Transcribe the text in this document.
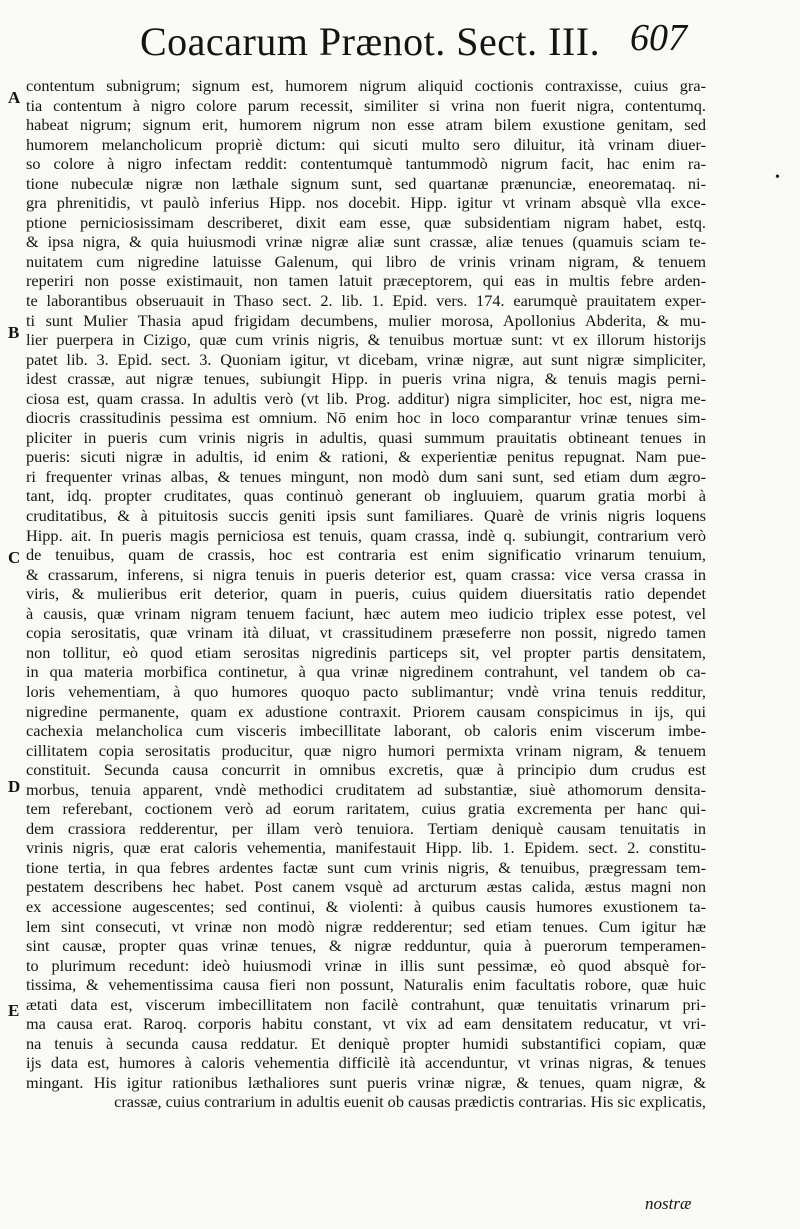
Coacarum Prænot. Sect. III. 607
A
B
C
D
E
contentum subnigrum; signum est, humorem nigrum aliquid coctionis contraxisse, cuius gra-
tia contentum à nigro colore parum recessit, similiter si vrina non fuerit nigra, contentumq.
habeat nigrum; signum erit, humorem nigrum non esse atram bilem exustione genitam, sed
humorem melancholicum propriè dictum: qui sicuti multo sero diluitur, ità vrinam diuer-
so colore à nigro infectam reddit: contentumquè tantummodò nigrum facit, hac enim ra-
tione nubeculæ nigræ non læthale signum sunt, sed quartanæ prænunciæ, eneoremataq. ni-
gra phrenitidis, vt paulò inferius Hipp. nos docebit. Hipp. igitur vt vrinam absquè vlla exce-
ptione perniciosissimam describeret, dixit eam esse, quæ subsidentiam nigram habet, estq.
& ipsa nigra, & quia huiusmodi vrinæ nigræ aliæ sunt crassæ, aliæ tenues (quamuis sciam te-
nuitatem cum nigredine latuisse Galenum, qui libro de vrinis vrinam nigram, & tenuem
reperiri non posse existimauit, non tamen latuit præceptorem, qui eas in multis febre arden-
te laborantibus obseruauit in Thaso sect. 2. lib. 1. Epid. vers. 174. earumquè prauitatem exper-
ti sunt Mulier Thasia apud frigidam decumbens, mulier morosa, Apollonius Abderita, & mu-
lier puerpera in Cizigo, quæ cum vrinis nigris, & tenuibus mortuæ sunt: vt ex illorum historijs
patet lib. 3. Epid. sect. 3. Quoniam igitur, vt dicebam, vrinæ nigræ, aut sunt nigræ simpliciter,
idest crassæ, aut nigræ tenues, subiungit Hipp. in pueris vrina nigra, & tenuis magis perni-
ciosa est, quam crassa. In adultis verò (vt lib. Prog. additur) nigra simpliciter, hoc est, nigra me-
diocris crassitudinis pessima est omnium. Nō enim hoc in loco comparantur vrinæ tenues sim-
pliciter in pueris cum vrinis nigris in adultis, quasi summum prauitatis obtineant tenues in
pueris: sicuti nigræ in adultis, id enim & rationi, & experientiæ penitus repugnat. Nam pue-
ri frequenter vrinas albas, & tenues mingunt, non modò dum sani sunt, sed etiam dum ægro-
tant, idq. propter cruditates, quas continuò generant ob ingluuiem, quarum gratia morbi à
cruditatibus, & à pituitosis succis geniti ipsis sunt familiares. Quarè de vrinis nigris loquens
Hipp. ait. In pueris magis perniciosa est tenuis, quam crassa, indè q. subiungit, contrarium verò
de tenuibus, quam de crassis, hoc est contraria est enim significatio vrinarum tenuium,
& crassarum, inferens, si nigra tenuis in pueris deterior est, quam crassa: vice versa crassa in
viris, & mulieribus erit deterior, quam in pueris, cuius quidem diuersitatis ratio dependet
à causis, quæ vrinam nigram tenuem faciunt, hæc autem meo iudicio triplex esse potest, vel
copia serositatis, quæ vrinam ità diluat, vt crassitudinem præseferre non possit, nigredo tamen
non tollitur, eò quod etiam serositas nigredinis particeps sit, vel propter partis densitatem,
in qua materia morbifica continetur, à qua vrinæ nigredinem contrahunt, vel tandem ob ca-
loris vehementiam, à quo humores quoquo pacto sublimantur; vndè vrina tenuis redditur,
nigredine permanente, quam ex adustione contraxit. Priorem causam conspicimus in ijs, qui
cachexia melancholica cum visceris imbecillitate laborant, ob caloris enim viscerum imbe-
cillitatem copia serositatis producitur, quæ nigro humori permixta vrinam nigram, & tenuem
constituit. Secunda causa concurrit in omnibus excretis, quæ à principio dum crudus est
morbus, tenuia apparent, vndè methodici cruditatem ad substantiæ, siuè athomorum densita-
tem referebant, coctionem verò ad eorum raritatem, cuius gratia excrementa per hanc qui-
dem crassiora redderentur, per illam verò tenuiora. Tertiam deniquè causam tenuitatis in
vrinis nigris, quæ erat caloris vehementia, manifestauit Hipp. lib. 1. Epidem. sect. 2. constitu-
tione tertia, in qua febres ardentes factæ sunt cum vrinis nigris, & tenuibus, prægressam tem-
pestatem describens hec habet. Post canem vsquè ad arcturum æstas calida, æstus magni non
ex accessione augescentes; sed continui, & violenti: à quibus causis humores exustionem ta-
lem sint consecuti, vt vrinæ non modò nigræ redderentur; sed etiam tenues. Cum igitur hæ
sint causæ, propter quas vrinæ tenues, & nigræ redduntur, quia à puerorum temperamen-
to plurimum recedunt: ideò huiusmodi vrinæ in illis sunt pessimæ, eò quod absquè for-
tissima, & vehementissima causa fieri non possunt, Naturalis enim facultatis robore, quæ huic
ætati data est, viscerum imbecillitatem non facilè contrahunt, quæ tenuitatis vrinarum pri-
ma causa erat. Raroq. corporis habitu constant, vt vix ad eam densitatem reducatur, vt vri-
na tenuis à secunda causa reddatur. Et deniquè propter humidi substantifici copiam, quæ
ijs data est, humores à caloris vehementia difficilè ità accenduntur, vt vrinas nigras, & tenues
mingant. His igitur rationibus læthaliores sunt pueris vrinæ nigræ, & tenues, quam nigræ, &
crassæ, cuius contrarium in adultis euenit ob causas prædictis contrarias. His sic explicatis,
•
nostræ
